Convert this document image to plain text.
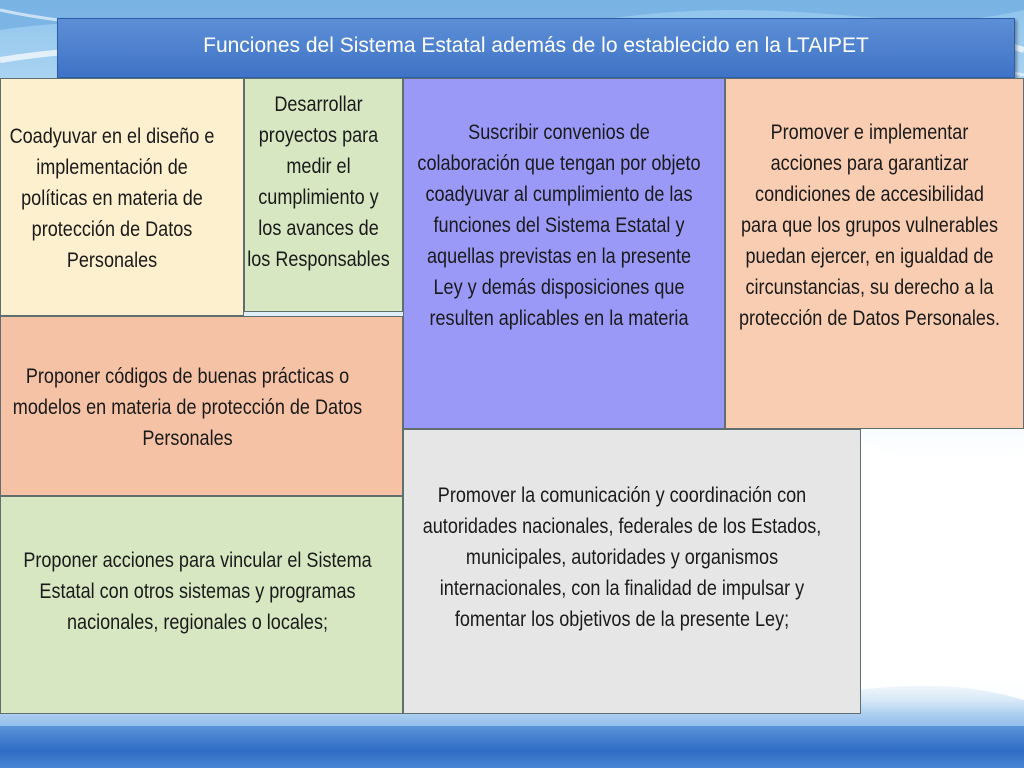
Funciones del Sistema Estatal además de lo establecido en la LTAIPET
Coadyuvar en el diseño e implementación de políticas en materia de protección de Datos Personales
Desarrollar proyectos para medir el cumplimiento y los avances de los Responsables
Suscribir convenios de colaboración que tengan por objeto coadyuvar al cumplimiento de las funciones del Sistema Estatal y aquellas previstas en la presente Ley y demás disposiciones que resulten aplicables en la materia
Promover e implementar acciones para garantizar condiciones de accesibilidad para que los grupos vulnerables puedan ejercer, en igualdad de circunstancias, su derecho a la protección de Datos Personales.
Proponer códigos de buenas prácticas o modelos en materia de protección de Datos Personales
Proponer acciones para vincular el Sistema Estatal con otros sistemas y programas nacionales, regionales o locales;
Promover la comunicación y coordinación con autoridades nacionales, federales de los Estados, municipales, autoridades y organismos internacionales, con la finalidad de impulsar y fomentar los objetivos de la presente Ley;
